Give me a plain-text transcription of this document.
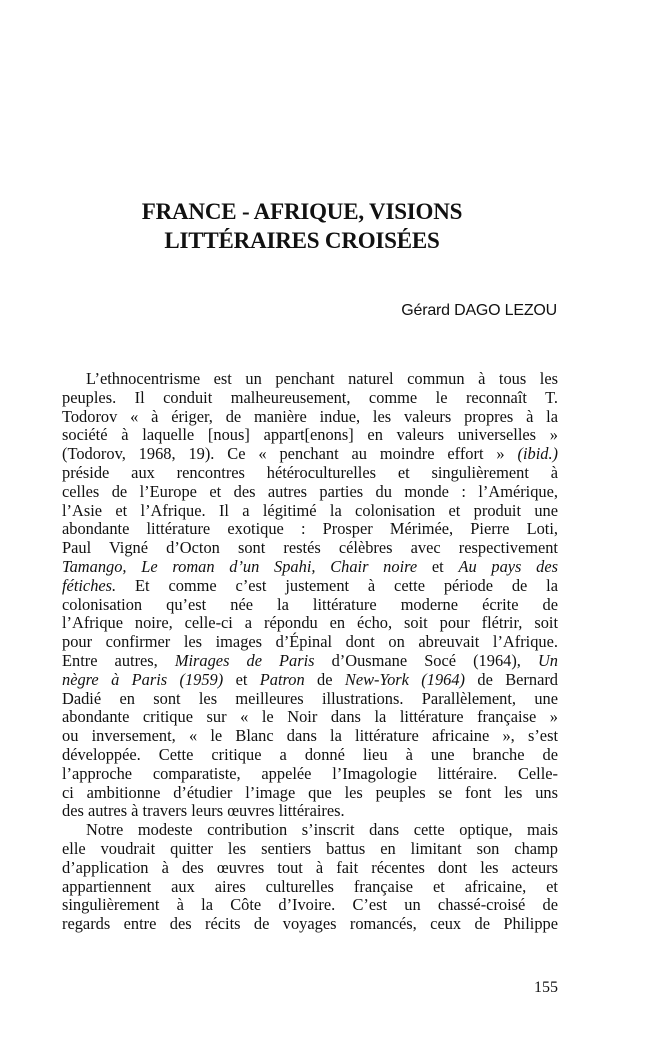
FRANCE - AFRIQUE, VISIONS
LITTÉRAIRES CROISÉES
Gérard DAGO LEZOU
L’ethnocentrisme est un penchant naturel commun à tous les
peuples. Il conduit malheureusement, comme le reconnaît T.
Todorov « à ériger, de manière indue, les valeurs propres à la
société à laquelle [nous] appart[enons] en valeurs universelles »
(Todorov, 1968, 19). Ce « penchant au moindre effort » (ibid.)
préside aux rencontres hétéroculturelles et singulièrement à
celles de l’Europe et des autres parties du monde : l’Amérique,
l’Asie et l’Afrique. Il a légitimé la colonisation et produit une
abondante littérature exotique : Prosper Mérimée, Pierre Loti,
Paul Vigné d’Octon sont restés célèbres avec respectivement
Tamango, Le roman d’un Spahi, Chair noire et Au pays des
fétiches. Et comme c’est justement à cette période de la
colonisation qu’est née la littérature moderne écrite de
l’Afrique noire, celle-ci a répondu en écho, soit pour flétrir, soit
pour confirmer les images d’Épinal dont on abreuvait l’Afrique.
Entre autres, Mirages de Paris d’Ousmane Socé (1964), Un
nègre à Paris (1959) et Patron de New-York (1964) de Bernard
Dadié en sont les meilleures illustrations. Parallèlement, une
abondante critique sur « le Noir dans la littérature française »
ou inversement, « le Blanc dans la littérature africaine », s’est
développée. Cette critique a donné lieu à une branche de
l’approche comparatiste, appelée l’Imagologie littéraire. Celle-
ci ambitionne d’étudier l’image que les peuples se font les uns
des autres à travers leurs œuvres littéraires.
Notre modeste contribution s’inscrit dans cette optique, mais
elle voudrait quitter les sentiers battus en limitant son champ
d’application à des œuvres tout à fait récentes dont les acteurs
appartiennent aux aires culturelles française et africaine, et
singulièrement à la Côte d’Ivoire. C’est un chassé-croisé de
regards entre des récits de voyages romancés, ceux de Philippe
155
